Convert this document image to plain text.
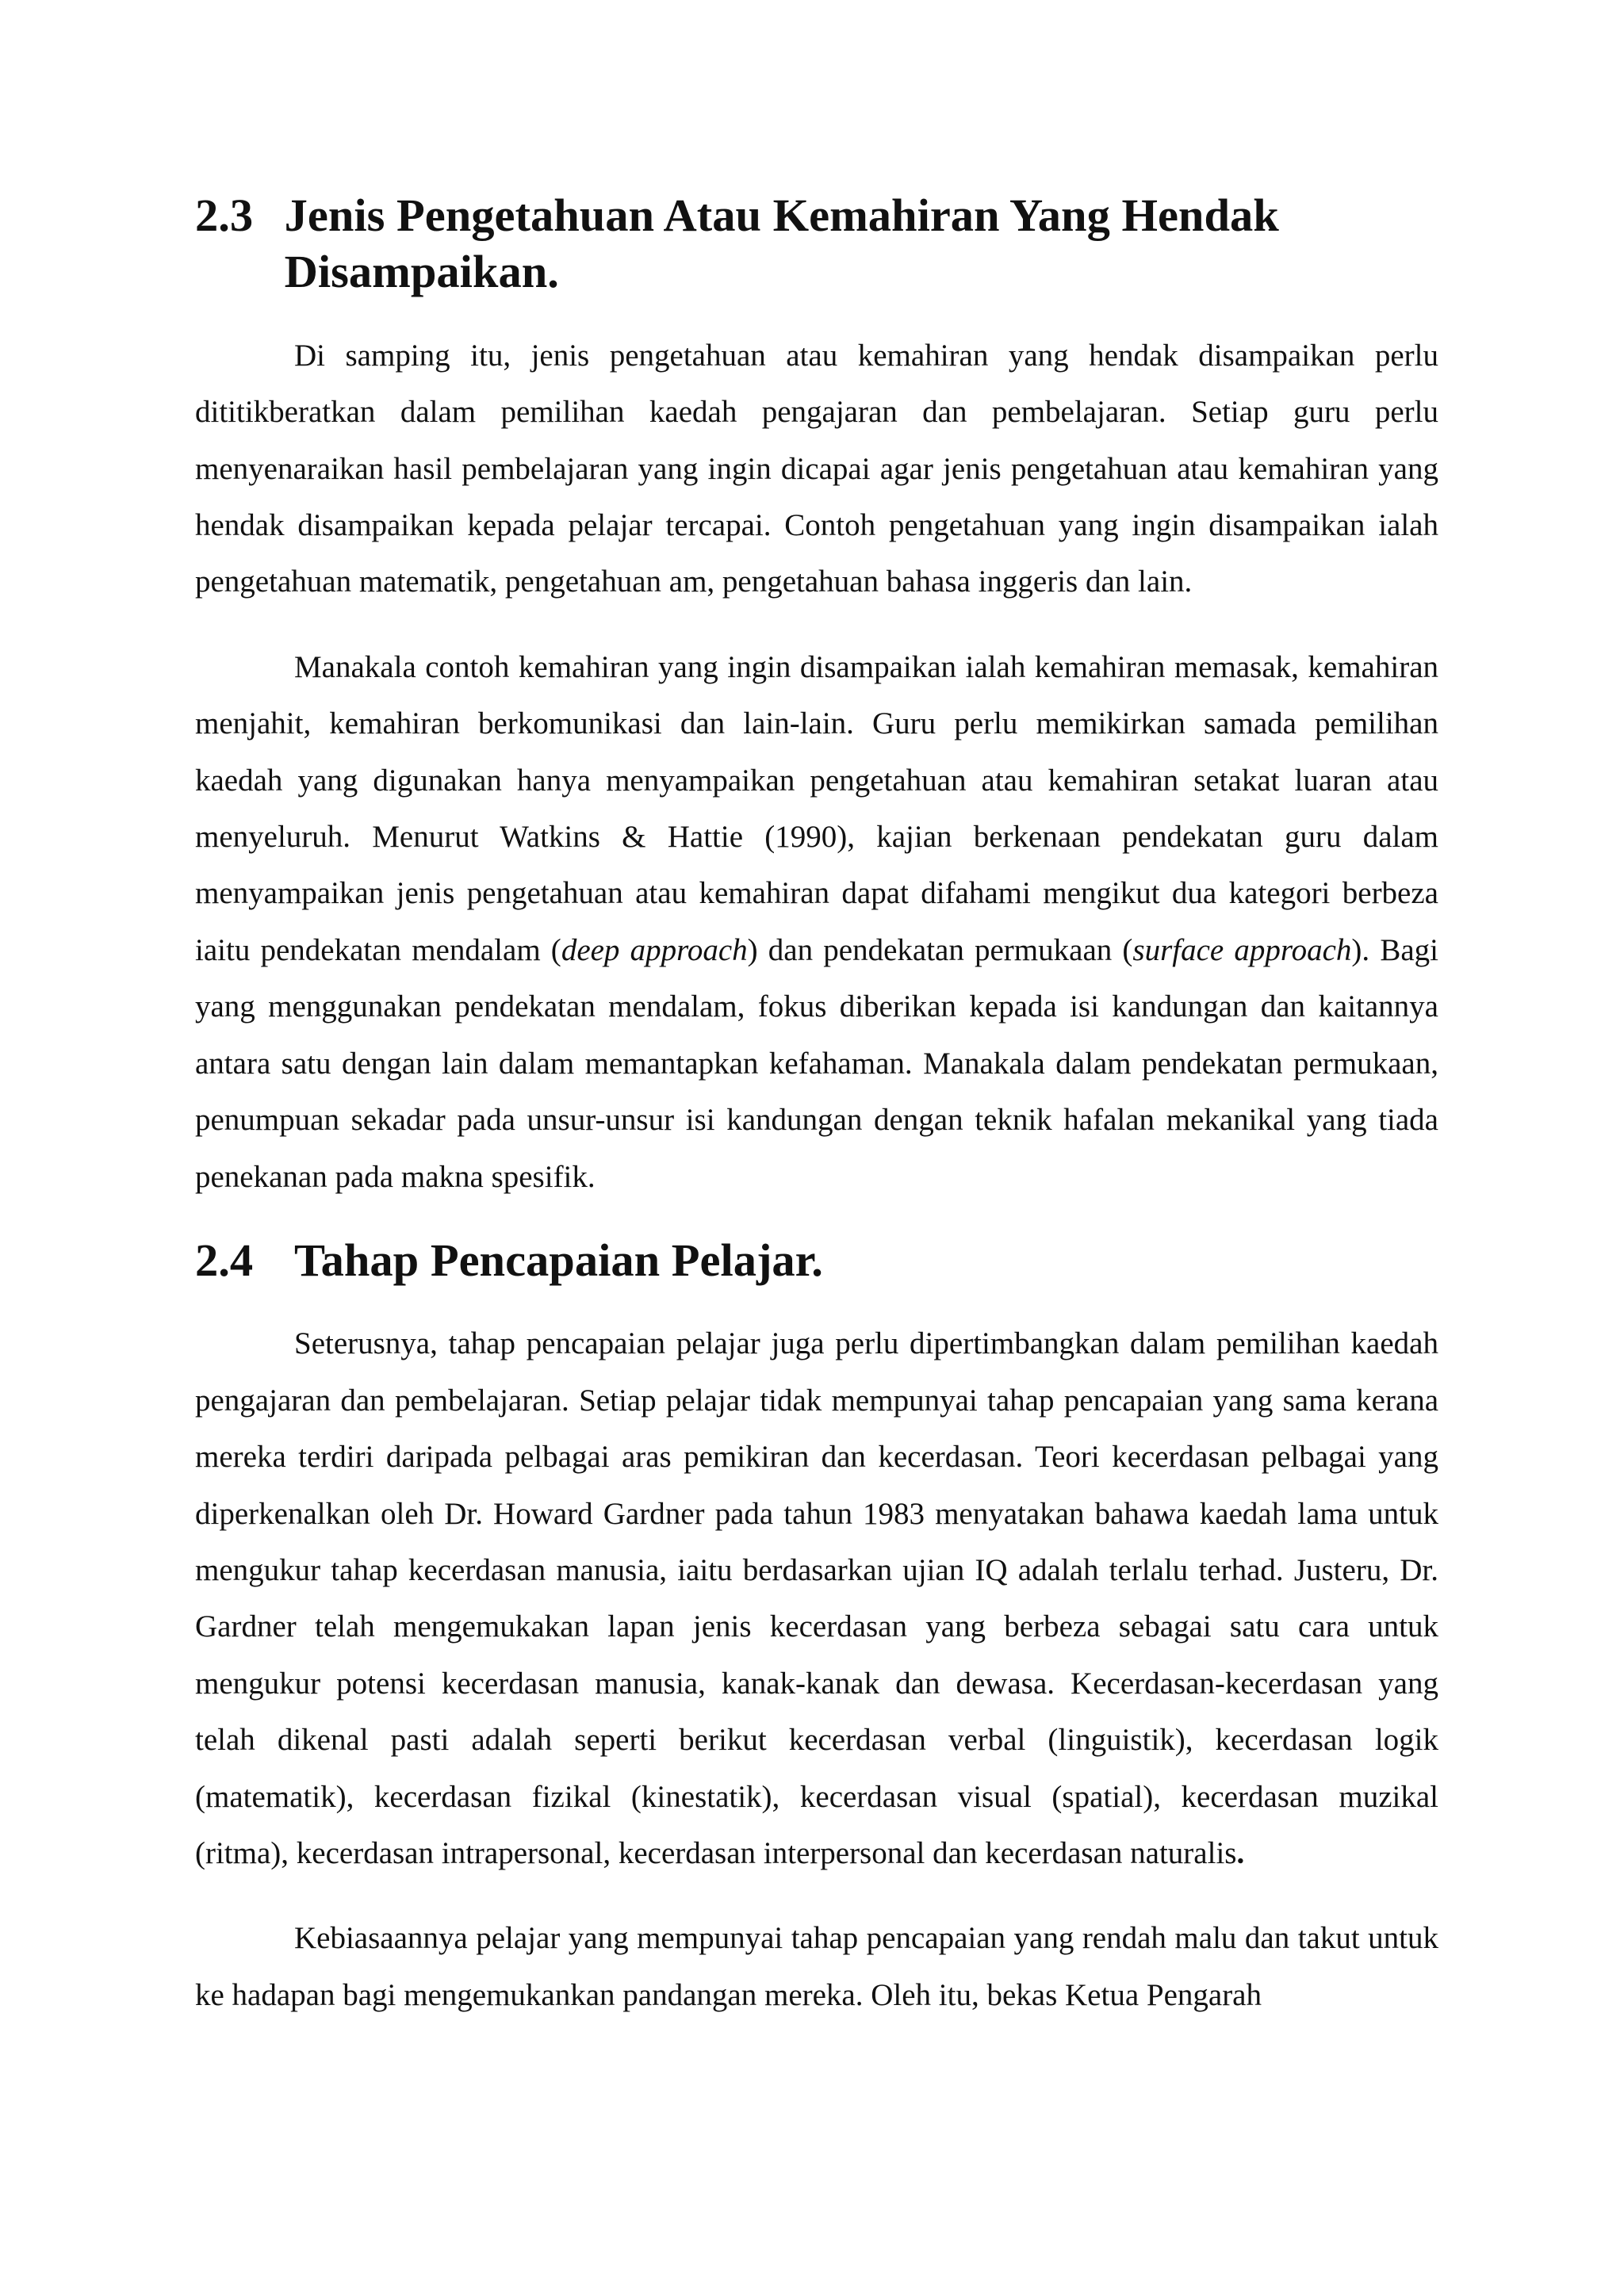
2.3 Jenis Pengetahuan Atau Kemahiran Yang Hendak Disampaikan.

Di samping itu, jenis pengetahuan atau kemahiran yang hendak disampaikan perlu dititikberatkan dalam pemilihan kaedah pengajaran dan pembelajaran. Setiap guru perlu menyenaraikan hasil pembelajaran yang ingin dicapai agar jenis pengetahuan atau kemahiran yang hendak disampaikan kepada pelajar tercapai. Contoh pengetahuan yang ingin disampaikan ialah pengetahuan matematik, pengetahuan am, pengetahuan bahasa inggeris dan lain.

Manakala contoh kemahiran yang ingin disampaikan ialah kemahiran memasak, kemahiran menjahit, kemahiran berkomunikasi dan lain-lain. Guru perlu memikirkan samada pemilihan kaedah yang digunakan hanya menyampaikan pengetahuan atau kemahiran setakat luaran atau menyeluruh. Menurut Watkins & Hattie (1990), kajian berkenaan pendekatan guru dalam menyampaikan jenis pengetahuan atau kemahiran dapat difahami mengikut dua kategori berbeza iaitu pendekatan mendalam (deep approach) dan pendekatan permukaan (surface approach). Bagi yang menggunakan pendekatan mendalam, fokus diberikan kepada isi kandungan dan kaitannya antara satu dengan lain dalam memantapkan kefahaman. Manakala dalam pendekatan permukaan, penumpuan sekadar pada unsur-unsur isi kandungan dengan teknik hafalan mekanikal yang tiada penekanan pada makna spesifik.

2.4 Tahap Pencapaian Pelajar.

Seterusnya, tahap pencapaian pelajar juga perlu dipertimbangkan dalam pemilihan kaedah pengajaran dan pembelajaran. Setiap pelajar tidak mempunyai tahap pencapaian yang sama kerana mereka terdiri daripada pelbagai aras pemikiran dan kecerdasan. Teori kecerdasan pelbagai yang diperkenalkan oleh Dr. Howard Gardner pada tahun 1983 menyatakan bahawa kaedah lama untuk mengukur tahap kecerdasan manusia, iaitu berdasarkan ujian IQ adalah terlalu terhad. Justeru, Dr. Gardner telah mengemukakan lapan jenis kecerdasan yang berbeza sebagai satu cara untuk mengukur potensi kecerdasan manusia, kanak-kanak dan dewasa. Kecerdasan-kecerdasan yang telah dikenal pasti adalah seperti berikut kecerdasan verbal (linguistik), kecerdasan logik (matematik), kecerdasan fizikal (kinestatik), kecerdasan visual (spatial), kecerdasan muzikal (ritma), kecerdasan intrapersonal, kecerdasan interpersonal dan kecerdasan naturalis.

Kebiasaannya pelajar yang mempunyai tahap pencapaian yang rendah malu dan takut untuk ke hadapan bagi mengemukankan pandangan mereka. Oleh itu, bekas Ketua Pengarah
